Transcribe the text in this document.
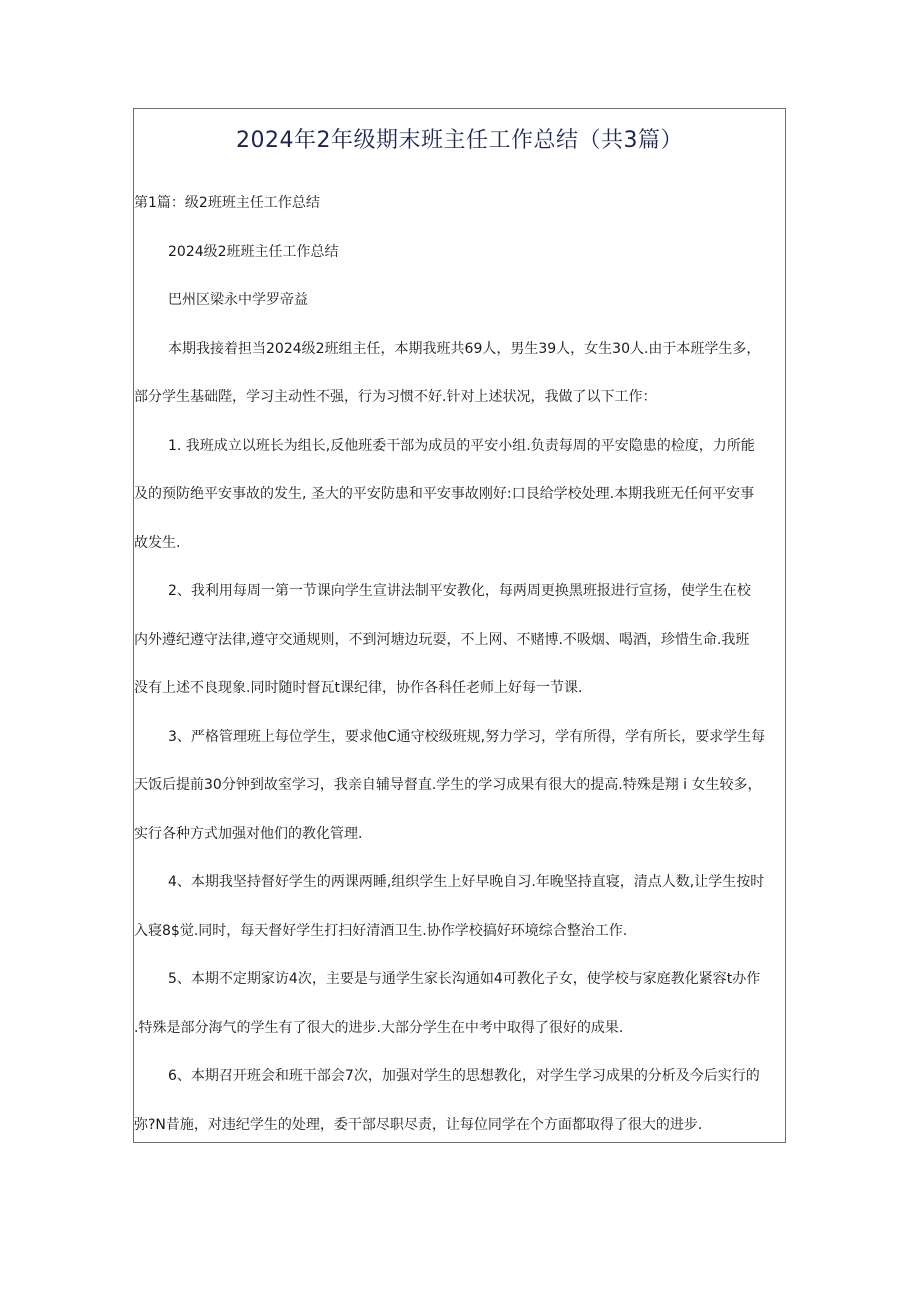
2024年2年级期末班主任工作总结（共3篇）
第1篇：级2班班主任工作总结
2024级2班班主任工作总结
巴州区梁永中学罗帝益
本期我接着担当2024级2班组主任，本期我班共69人，男生39人，女生30人.由于本班学生多，
部分学生基础陛，学习主动性不强，行为习惯不好.针对上述状况，我做了以下工作：
1. 我班成立以班长为组长,反他班委干部为成员的平安小组.负责每周的平安隐患的检度，力所能
及的预防绝平安事故的发生, 圣大的平安防患和平安事故刚好:口艮给学校处理.本期我班无任何平安事
故发生.
2、我利用每周一第一节课向学生宣讲法制平安教化，每两周更换黑班报进行宣扬，使学生在校
内外遵纪遵守法律,遵守交通规则，不到河塘边玩耍，不上网、不赌博.不吸烟、喝酒，珍惜生命.我班
没有上述不良现象.同时随时督瓦t课纪律，协作各科任老师上好每一节课.
3、严格管理班上每位学生，要求他C通守校级班规,努力学习，学有所得，学有所长，要求学生每
天饭后提前30分钟到故室学习，我亲自辅导督直.学生的学习成果有很大的提高.特殊是翔 i 女生较多，
实行各种方式加强对他们的教化管理.
4、本期我坚持督好学生的两课两睡,组织学生上好早晚自习.年晚坚持直寝，清点人数,让学生按时
入寝8$觉.同时，每天督好学生打扫好清酒卫生.协作学校搞好环境综合整治工作.
5、本期不定期家访4次，主要是与通学生家长沟通如4可教化子女，使学校与家庭教化紧容t办作
.特殊是部分海气的学生有了很大的进步.大部分学生在中考中取得了很好的成果.
6、本期召开班会和班干部会7次，加强对学生的思想教化，对学生学习成果的分析及今后实行的
弥?N昔施，对违纪学生的处理，委干部尽职尽责，让每位同学在个方面都取得了很大的进步.
